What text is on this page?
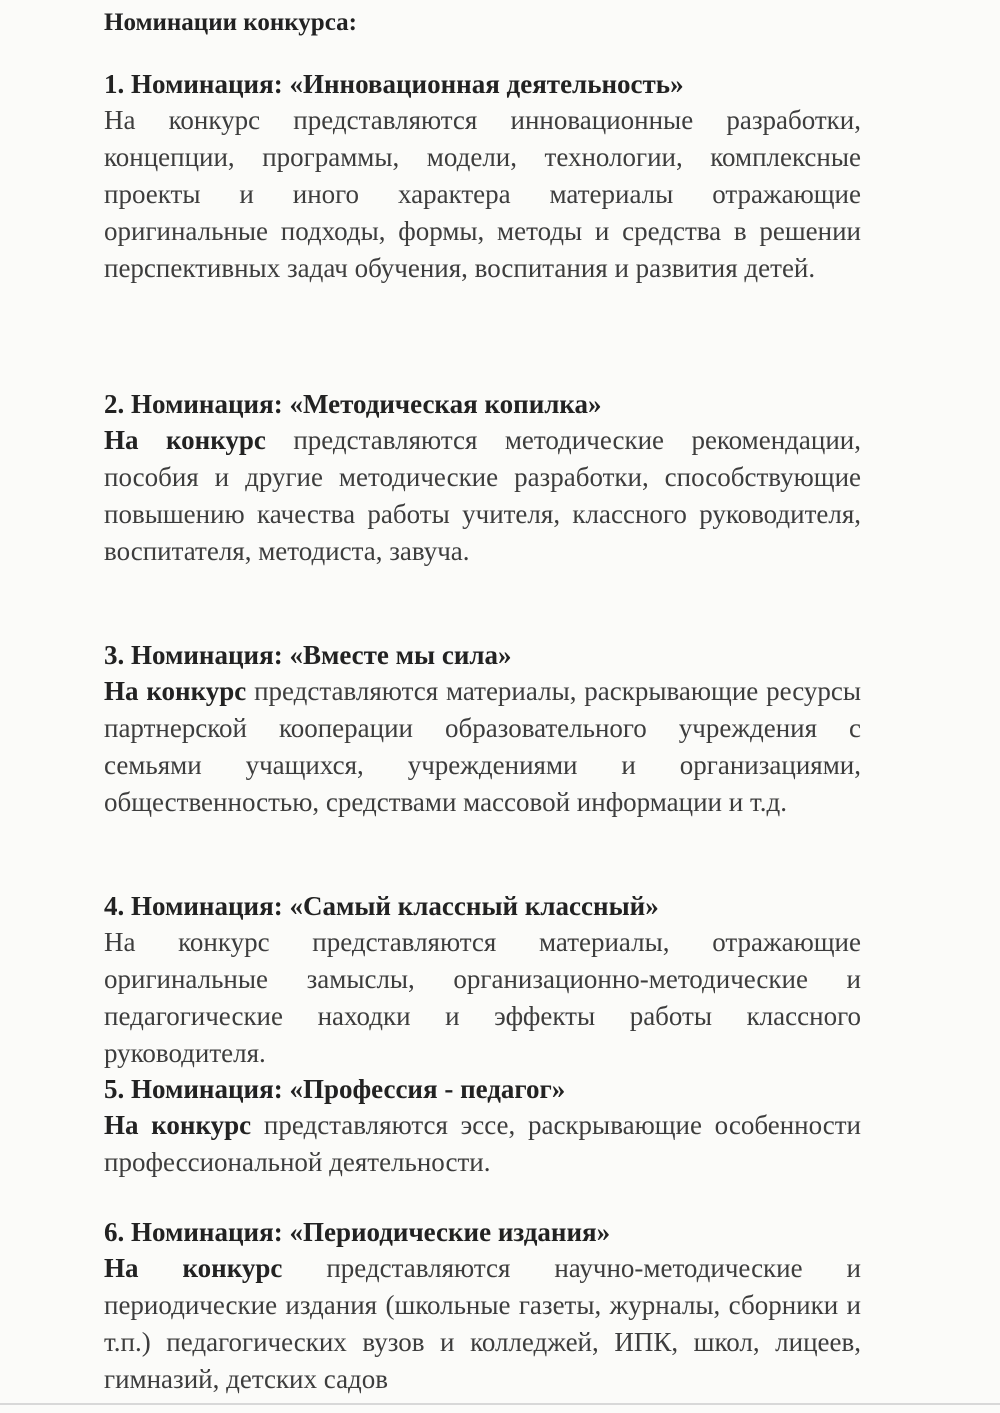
Номинации конкурса:
1. Номинация: «Инновационная деятельность»
На конкурс представляются инновационные разработки, концепции, программы, модели, технологии, комплексные проекты и иного характера материалы отражающие оригинальные подходы, формы, методы и средства в решении перспективных задач обучения, воспитания и развития детей.
2. Номинация: «Методическая копилка»
На конкурс представляются методические рекомендации, пособия и другие методические разработки, способствующие повышению качества работы учителя, классного руководителя, воспитателя, методиста, завуча.
3. Номинация: «Вместе мы сила»
На конкурс представляются материалы, раскрывающие ресурсы партнерской кооперации образовательного учреждения с семьями учащихся, учреждениями и организациями, общественностью, средствами массовой информации и т.д.
4. Номинация: «Самый классный классный»
На конкурс представляются материалы, отражающие оригинальные замыслы, организационно-методические и педагогические находки и эффекты работы классного руководителя.
5. Номинация: «Профессия - педагог»
На конкурс представляются эссе, раскрывающие особенности профессиональной деятельности.
6. Номинация: «Периодические издания»
На конкурс представляются научно-методические и периодические издания (школьные газеты, журналы, сборники и т.п.) педагогических вузов и колледжей, ИПК, школ, лицеев, гимназий, детских садов
